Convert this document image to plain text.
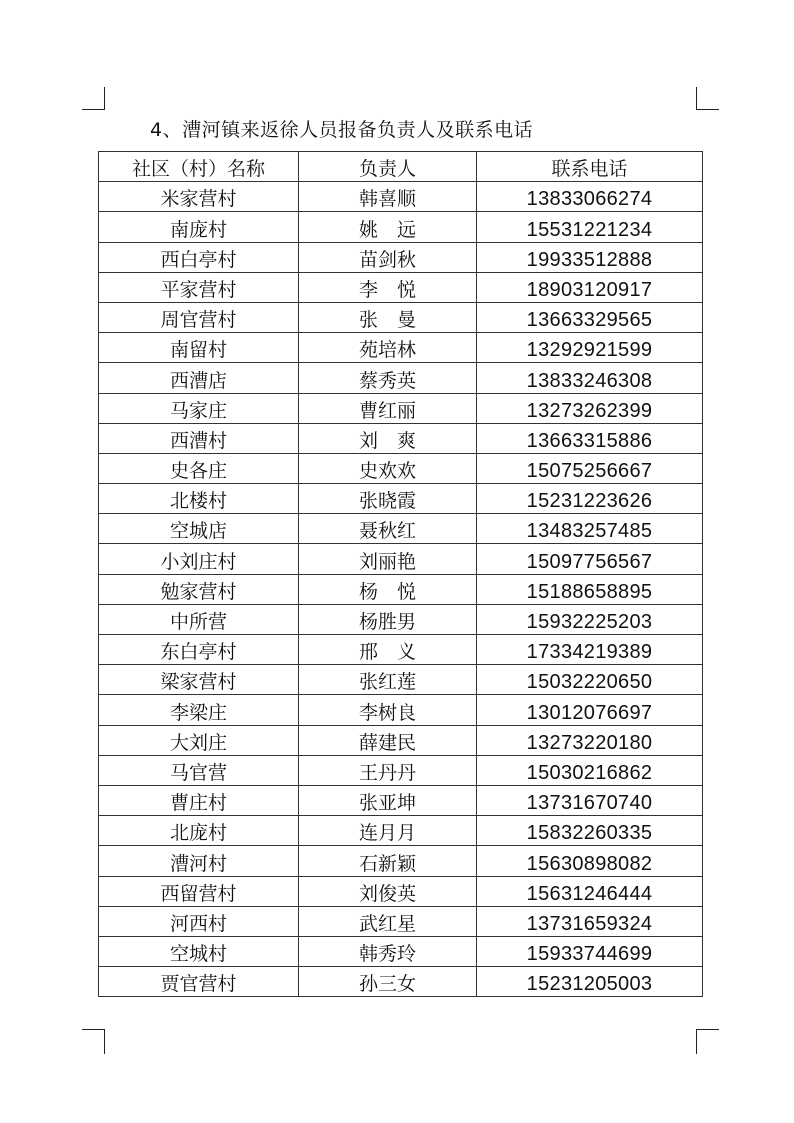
4、漕河镇来返徐人员报备负责人及联系电话
社区（村）名称	负责人	联系电话
米家营村	韩喜顺	13833066274
南庞村	姚　远	15531221234
西白亭村	苗剑秋	19933512888
平家营村	李　悦	18903120917
周官营村	张　曼	13663329565
南留村	苑培林	13292921599
西漕店	蔡秀英	13833246308
马家庄	曹红丽	13273262399
西漕村	刘　爽	13663315886
史各庄	史欢欢	15075256667
北楼村	张晓霞	15231223626
空城店	聂秋红	13483257485
小刘庄村	刘丽艳	15097756567
勉家营村	杨　悦	15188658895
中所营	杨胜男	15932225203
东白亭村	邢　义	17334219389
梁家营村	张红莲	15032220650
李梁庄	李树良	13012076697
大刘庄	薛建民	13273220180
马官营	王丹丹	15030216862
曹庄村	张亚坤	13731670740
北庞村	连月月	15832260335
漕河村	石新颖	15630898082
西留营村	刘俊英	15631246444
河西村	武红星	13731659324
空城村	韩秀玲	15933744699
贾官营村	孙三女	15231205003
